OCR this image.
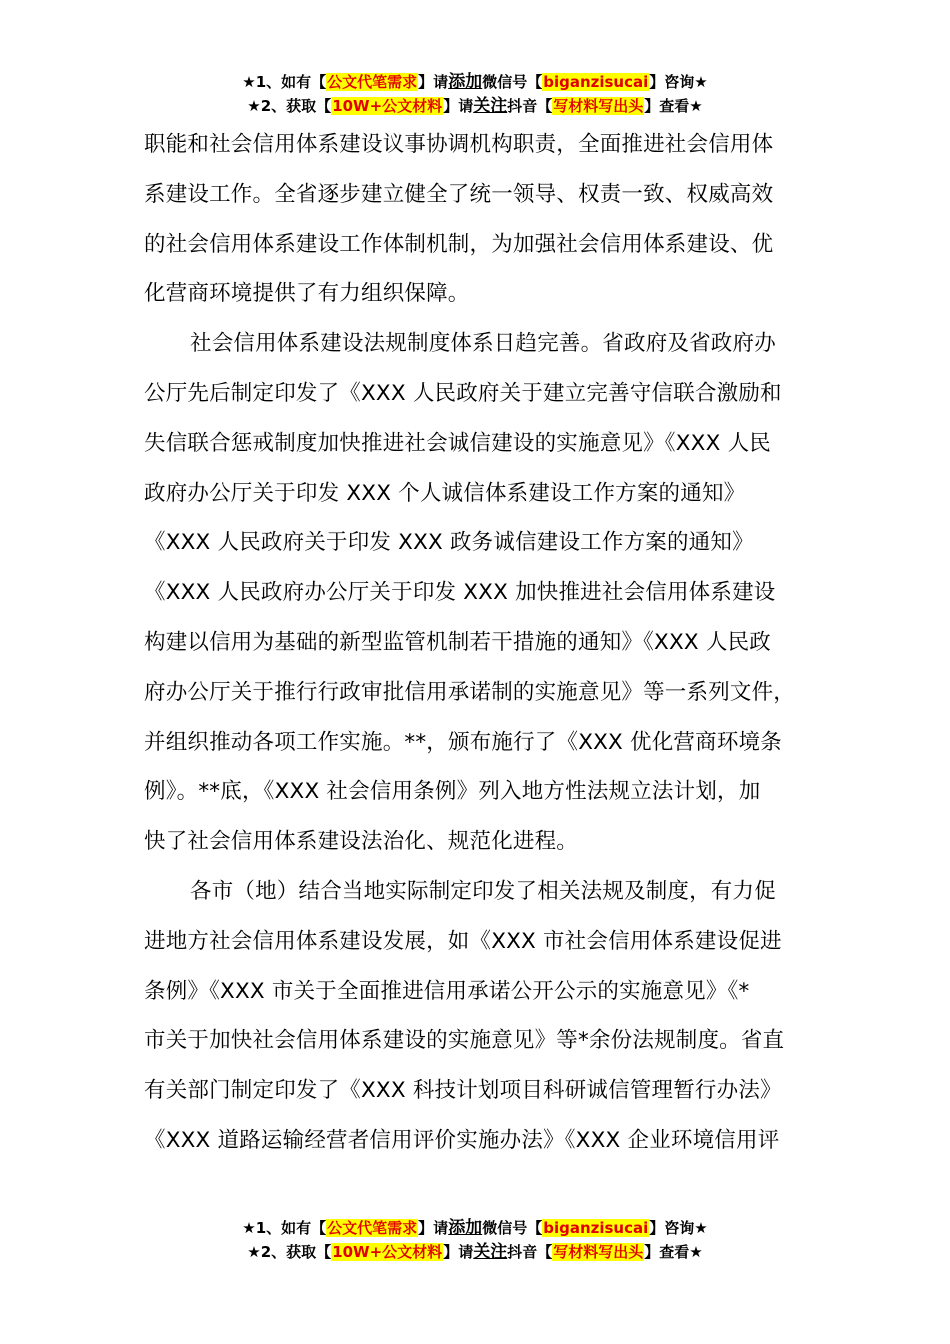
★1、如有【公文代笔需求】请添加微信号【biganzisucai】咨询★
★2、获取【10W+公文材料】请关注抖音【写材料写出头】查看★

职能和社会信用体系建设议事协调机构职责，全面推进社会信用体

系建设工作。全省逐步建立健全了统一领导、权责一致、权威高效

的社会信用体系建设工作体制机制，为加强社会信用体系建设、优

化营商环境提供了有力组织保障。

社会信用体系建设法规制度体系日趋完善。省政府及省政府办

公厅先后制定印发了《XXX 人民政府关于建立完善守信联合激励和

失信联合惩戒制度加快推进社会诚信建设的实施意见》《XXX 人民

政府办公厅关于印发 XXX 个人诚信体系建设工作方案的通知》

《XXX 人民政府关于印发 XXX 政务诚信建设工作方案的通知》

《XXX 人民政府办公厅关于印发 XXX 加快推进社会信用体系建设

构建以信用为基础的新型监管机制若干措施的通知》《XXX 人民政

府办公厅关于推行行政审批信用承诺制的实施意见》等一系列文件，

并组织推动各项工作实施。**，颁布施行了《XXX 优化营商环境条

例》。**底，《XXX 社会信用条例》列入地方性法规立法计划，加

快了社会信用体系建设法治化、规范化进程。

各市（地）结合当地实际制定印发了相关法规及制度，有力促

进地方社会信用体系建设发展，如《XXX 市社会信用体系建设促进

条例》《XXX 市关于全面推进信用承诺公开公示的实施意见》《*

市关于加快社会信用体系建设的实施意见》等*余份法规制度。省直

有关部门制定印发了《XXX 科技计划项目科研诚信管理暂行办法》

《XXX 道路运输经营者信用评价实施办法》《XXX 企业环境信用评

★1、如有【公文代笔需求】请添加微信号【biganzisucai】咨询★
★2、获取【10W+公文材料】请关注抖音【写材料写出头】查看★
